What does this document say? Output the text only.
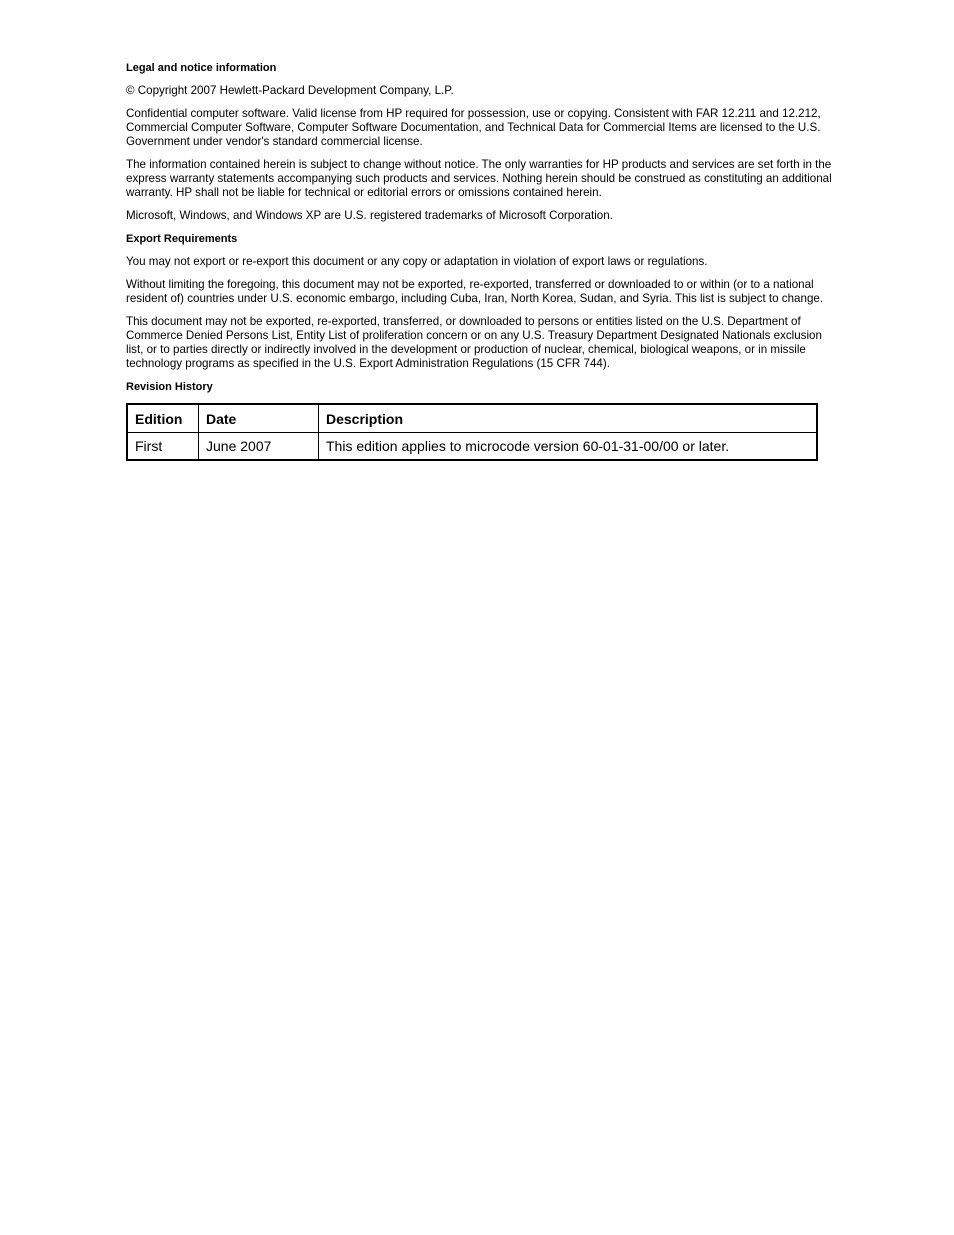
Legal and notice information

© Copyright 2007 Hewlett-Packard Development Company, L.P.

Confidential computer software. Valid license from HP required for possession, use or copying. Consistent with FAR 12.211 and 12.212, Commercial Computer Software, Computer Software Documentation, and Technical Data for Commercial Items are licensed to the U.S. Government under vendor's standard commercial license.

The information contained herein is subject to change without notice. The only warranties for HP products and services are set forth in the express warranty statements accompanying such products and services. Nothing herein should be construed as constituting an additional warranty. HP shall not be liable for technical or editorial errors or omissions contained herein.

Microsoft, Windows, and Windows XP are U.S. registered trademarks of Microsoft Corporation.

Export Requirements

You may not export or re-export this document or any copy or adaptation in violation of export laws or regulations.

Without limiting the foregoing, this document may not be exported, re-exported, transferred or downloaded to or within (or to a national resident of) countries under U.S. economic embargo, including Cuba, Iran, North Korea, Sudan, and Syria. This list is subject to change.

This document may not be exported, re-exported, transferred, or downloaded to persons or entities listed on the U.S. Department of Commerce Denied Persons List, Entity List of proliferation concern or on any U.S. Treasury Department Designated Nationals exclusion list, or to parties directly or indirectly involved in the development or production of nuclear, chemical, biological weapons, or in missile technology programs as specified in the U.S. Export Administration Regulations (15 CFR 744).

Revision History
Edition	Date	Description
First	June 2007	This edition applies to microcode version 60-01-31-00/00 or later.
